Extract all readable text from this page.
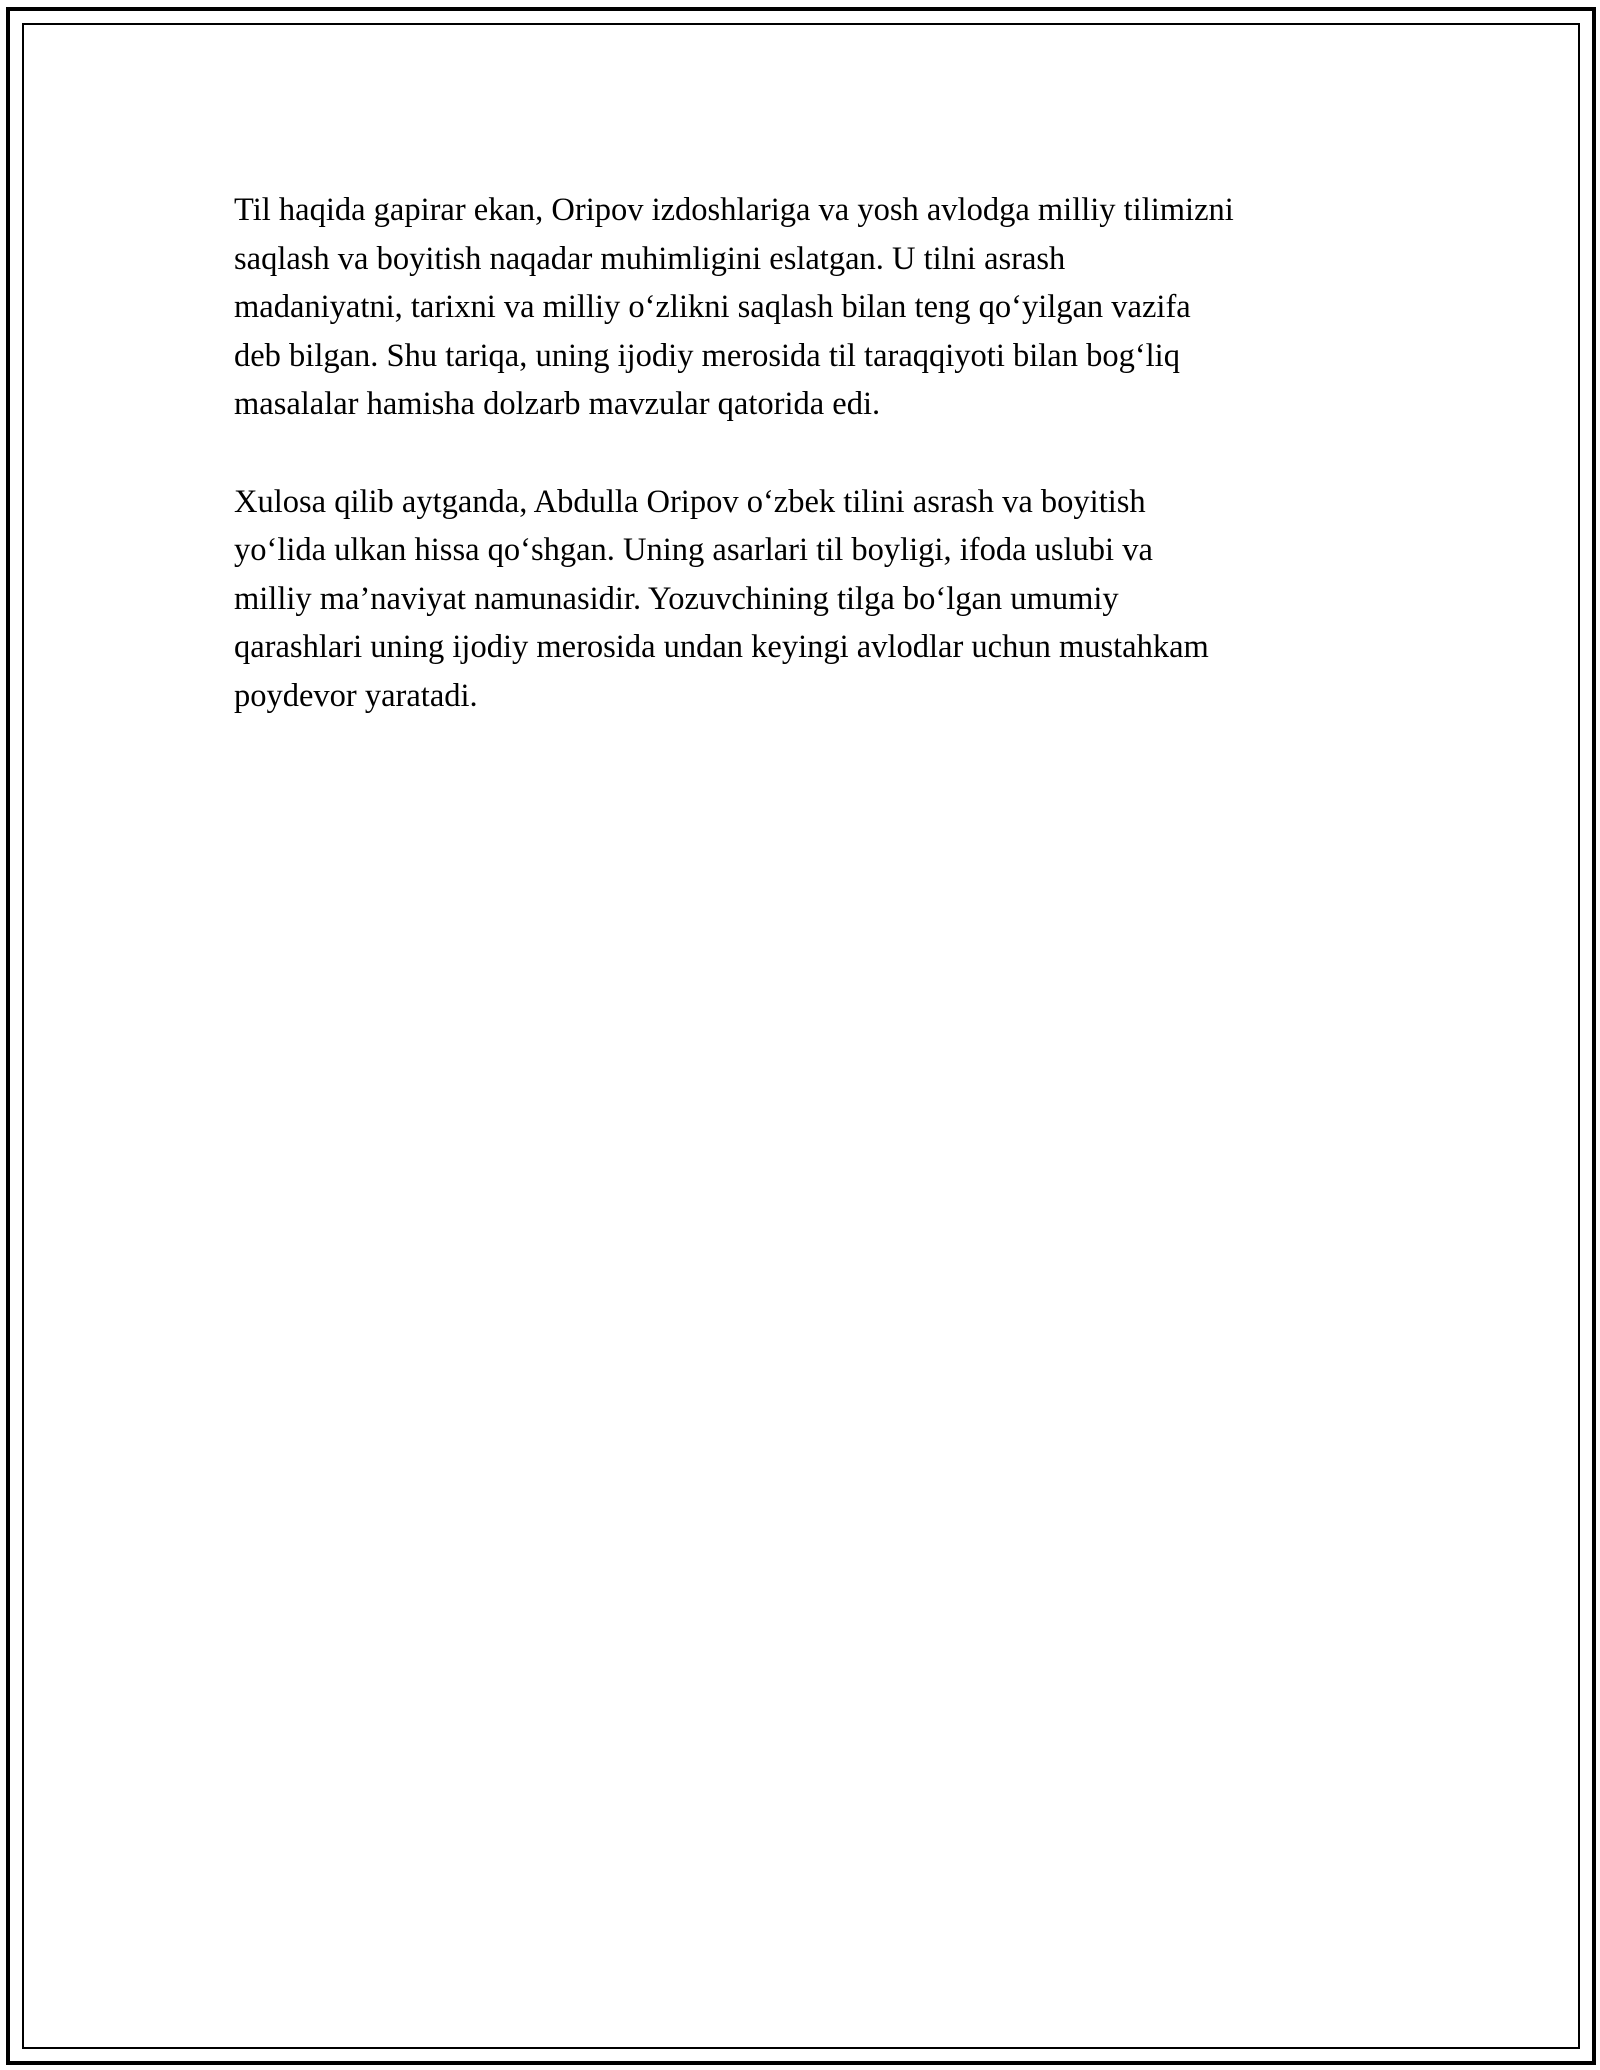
Til haqida gapirar ekan, Oripov izdoshlariga va yosh avlodga milliy tilimizni
saqlash va boyitish naqadar muhimligini eslatgan. U tilni asrash
madaniyatni, tarixni va milliy o‘zlikni saqlash bilan teng qo‘yilgan vazifa
deb bilgan. Shu tariqa, uning ijodiy merosida til taraqqiyoti bilan bog‘liq
masalalar hamisha dolzarb mavzular qatorida edi.

Xulosa qilib aytganda, Abdulla Oripov o‘zbek tilini asrash va boyitish
yo‘lida ulkan hissa qo‘shgan. Uning asarlari til boyligi, ifoda uslubi va
milliy ma’naviyat namunasidir. Yozuvchining tilga bo‘lgan umumiy
qarashlari uning ijodiy merosida undan keyingi avlodlar uchun mustahkam
poydevor yaratadi.
